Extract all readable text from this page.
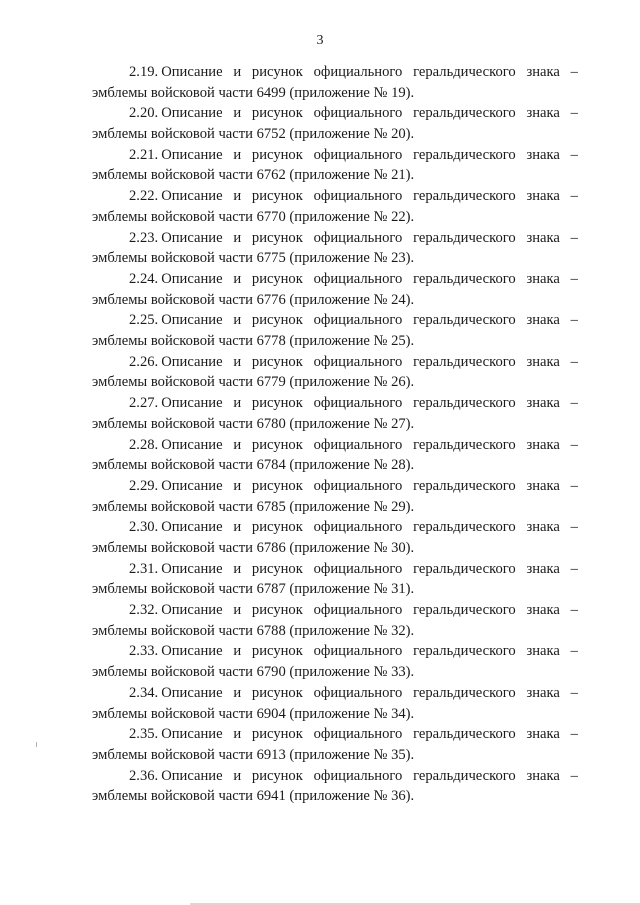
3
2.19. Описание и рисунок официального геральдического знака –
эмблемы войсковой части 6499 (приложение № 19).
2.20. Описание и рисунок официального геральдического знака –
эмблемы войсковой части 6752 (приложение № 20).
2.21. Описание и рисунок официального геральдического знака –
эмблемы войсковой части 6762 (приложение № 21).
2.22. Описание и рисунок официального геральдического знака –
эмблемы войсковой части 6770 (приложение № 22).
2.23. Описание и рисунок официального геральдического знака –
эмблемы войсковой части 6775 (приложение № 23).
2.24. Описание и рисунок официального геральдического знака –
эмблемы войсковой части 6776 (приложение № 24).
2.25. Описание и рисунок официального геральдического знака –
эмблемы войсковой части 6778 (приложение № 25).
2.26. Описание и рисунок официального геральдического знака –
эмблемы войсковой части 6779 (приложение № 26).
2.27. Описание и рисунок официального геральдического знака –
эмблемы войсковой части 6780 (приложение № 27).
2.28. Описание и рисунок официального геральдического знака –
эмблемы войсковой части 6784 (приложение № 28).
2.29. Описание и рисунок официального геральдического знака –
эмблемы войсковой части 6785 (приложение № 29).
2.30. Описание и рисунок официального геральдического знака –
эмблемы войсковой части 6786 (приложение № 30).
2.31. Описание и рисунок официального геральдического знака –
эмблемы войсковой части 6787 (приложение № 31).
2.32. Описание и рисунок официального геральдического знака –
эмблемы войсковой части 6788 (приложение № 32).
2.33. Описание и рисунок официального геральдического знака –
эмблемы войсковой части 6790 (приложение № 33).
2.34. Описание и рисунок официального геральдического знака –
эмблемы войсковой части 6904 (приложение № 34).
2.35. Описание и рисунок официального геральдического знака –
эмблемы войсковой части 6913 (приложение № 35).
2.36. Описание и рисунок официального геральдического знака –
эмблемы войсковой части 6941 (приложение № 36).
